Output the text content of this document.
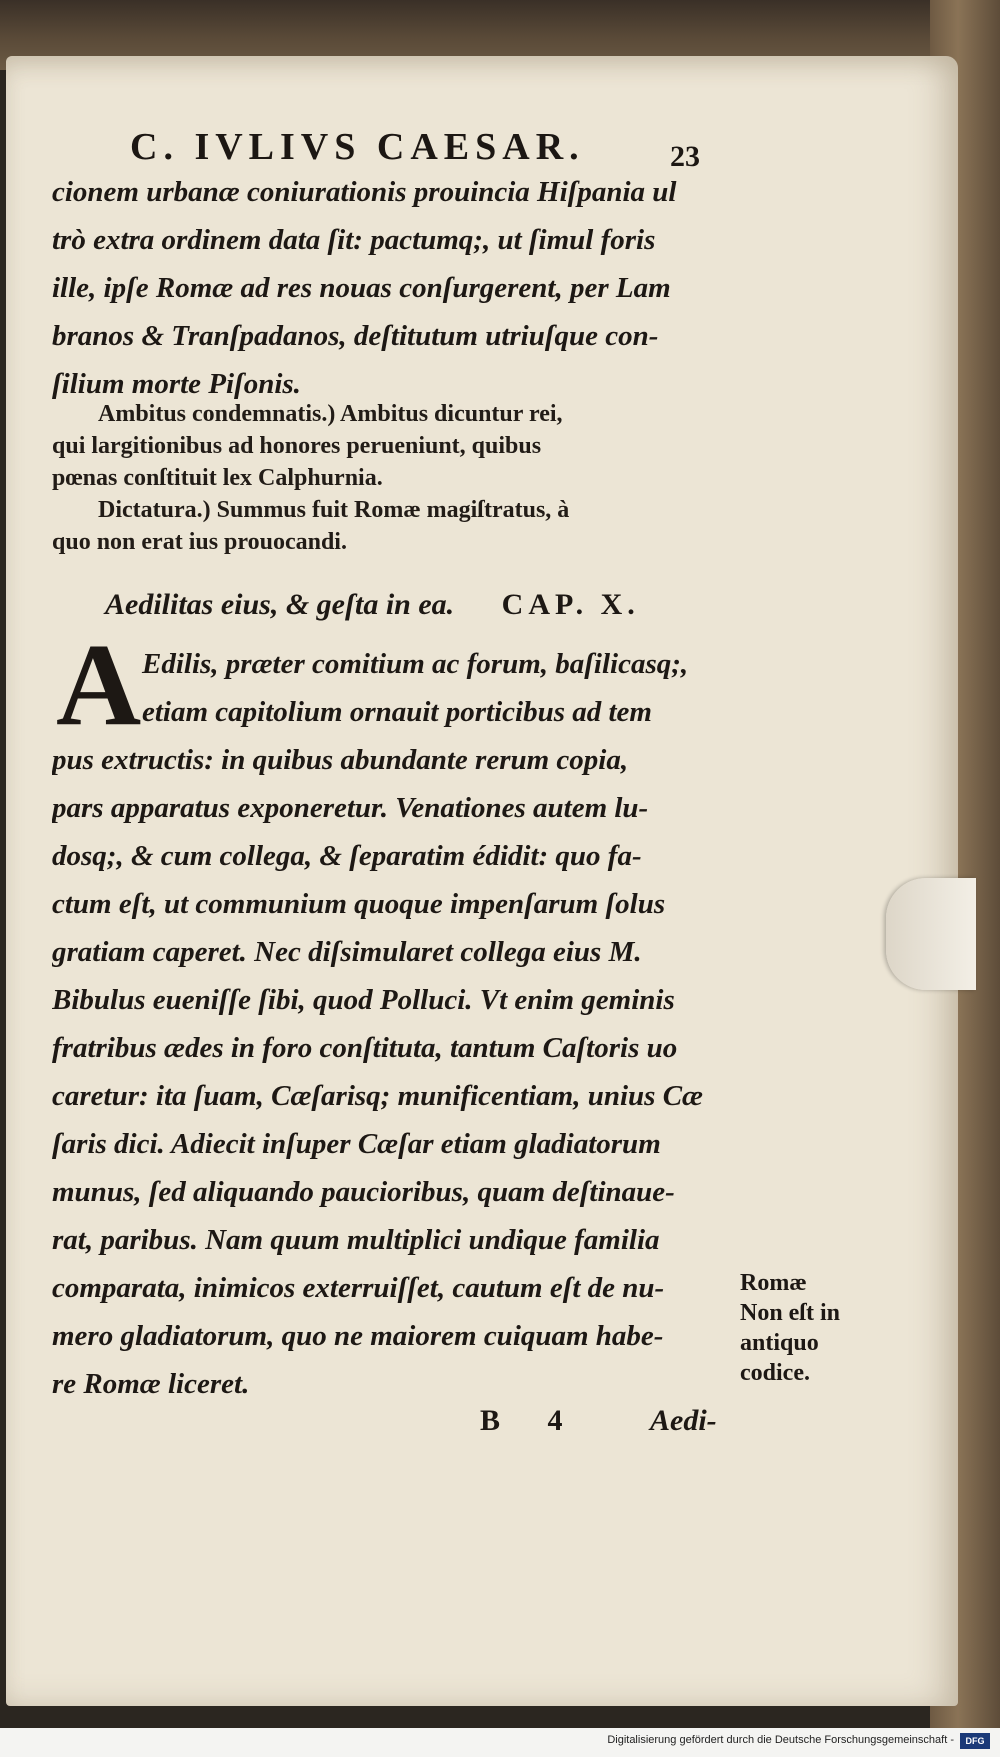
C. IVLIVS CAESAR.	23
cionem urbanæ coniurationis prouincia Hiſpania ul
trò extra ordinem data ſit: pactumq;, ut ſimul foris
ille, ipſe Romæ ad res nouas conſurgerent, per Lam
branos & Tranſpadanos, deſtitutum utriuſque con-
ſilium morte Piſonis.
Ambitus condemnatis.) Ambitus dicuntur rei,
qui largitionibus ad honores perueniunt, quibus
pœnas conſtituit lex Calphurnia.
Dictatura.) Summus fuit Romæ magiſtratus, à
quo non erat ius prouocandi.
Aedilitas eius, & geſta in ea. CAP. X.
A Edilis, præter comitium ac forum, baſilicasq;,
etiam capitolium ornauit porticibus ad tem
pus extructis: in quibus abundante rerum copia,
pars apparatus exponeretur. Venationes autem lu-
dosq;, & cum collega, & ſeparatim édidit: quo fa-
ctum eſt, ut communium quoque impenſarum ſolus
gratiam caperet. Nec diſsimularet collega eius M.
Bibulus eueniſſe ſibi, quod Polluci. Vt enim geminis
fratribus ædes in foro conſtituta, tantum Caſtoris uo
caretur: ita ſuam, Cæſarisq; munificentiam, unius Cæ
ſaris dici. Adiecit inſuper Cæſar etiam gladiatorum
munus, ſed aliquando paucioribus, quam deſtinaue-
rat, paribus. Nam quum multiplici undique familia
comparata, inimicos exterruiſſet, cautum eſt de nu-
mero gladiatorum, quo ne maiorem cuiquam habe-
re Romæ liceret.
Romæ
Non eſt in
antiquo
codice.
B 4	Aedi-
Digitalisierung gefördert durch die Deutsche Forschungsgemeinschaft -	DFG
